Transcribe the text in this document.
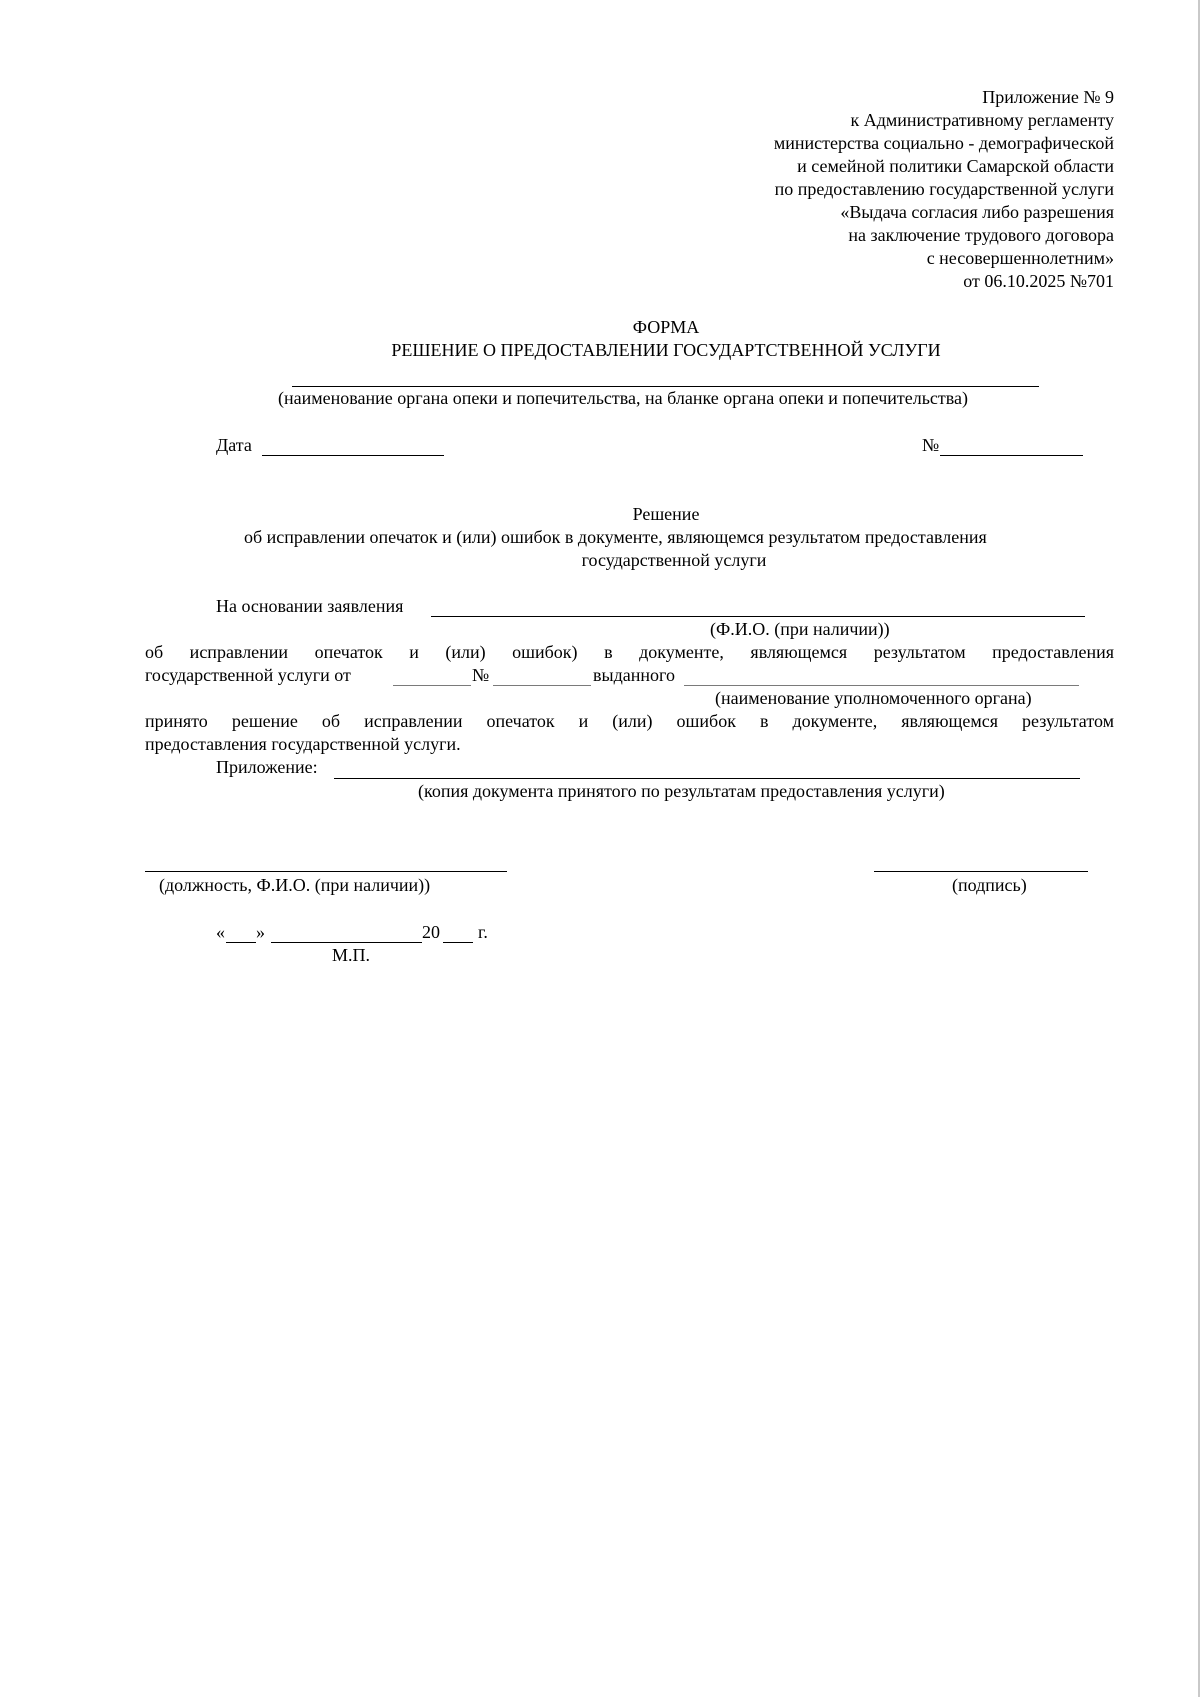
Приложение № 9
к Административному регламенту
министерства социально - демографической
и семейной политики Самарской области
по предоставлению государственной услуги
«Выдача согласия либо разрешения
на заключение трудового договора
с несовершеннолетним»
от 06.10.2025 №701
ФОРМА
РЕШЕНИЕ О ПРЕДОСТАВЛЕНИИ ГОСУДАРТСТВЕННОЙ УСЛУГИ
(наименование органа опеки и попечительства, на бланке органа опеки и попечительства)
Дата	№
Решение
об исправлении опечаток и (или) ошибок в документе, являющемся результатом предоставления
государственной услуги
На основании заявления
(Ф.И.О. (при наличии))
об исправлении опечаток и (или) ошибок) в документе, являющемся результатом предоставления
государственной услуги от	№	выданного
(наименование уполномоченного органа)
принято решение об исправлении опечаток и (или) ошибок в документе, являющемся результатом
предоставления государственной услуги.
Приложение:
(копия документа принятого по результатам предоставления услуги)
(должность, Ф.И.О. (при наличии))	(подпись)
« »	20 г.
М.П.
